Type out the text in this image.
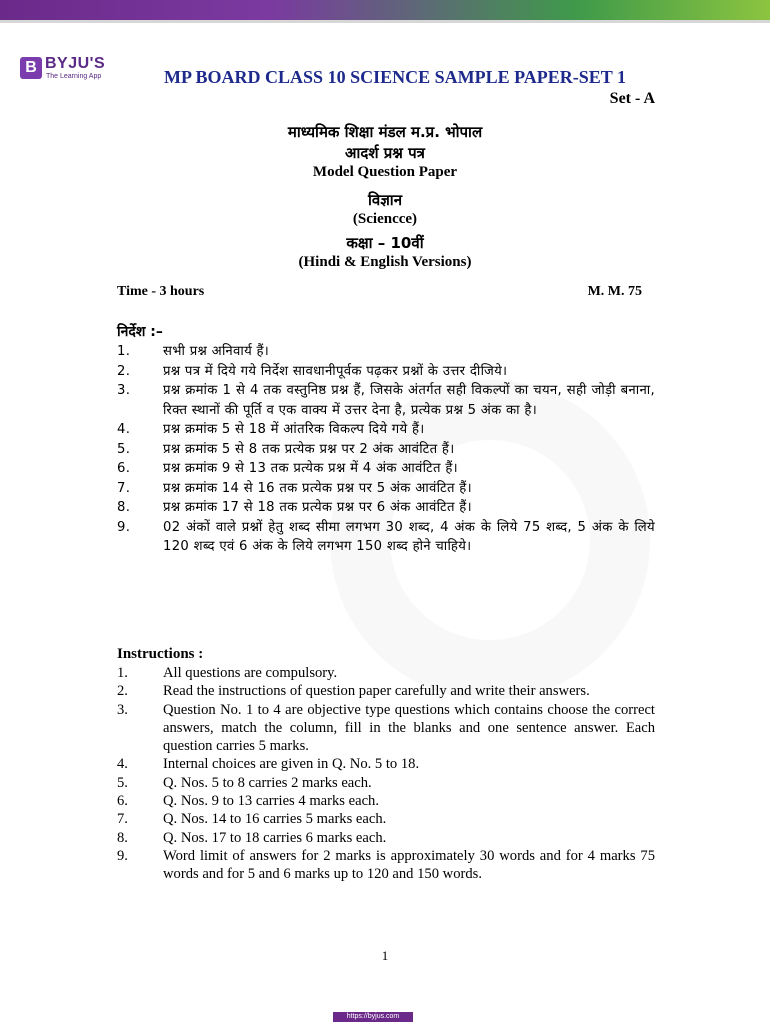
B BYJU'S
The Learning App	MP BOARD CLASS 10 SCIENCE SAMPLE PAPER-SET 1
Set - A
माध्यमिक शिक्षा मंडल म.प्र. भोपाल
आदर्श प्रश्न पत्र
Model Question Paper
विज्ञान
(Sciencce)
कक्षा – 10वीं
(Hindi & English Versions)
Time - 3 hours	M. M. 75
निर्देश :–
1. सभी प्रश्न अनिवार्य हैं।
2. प्रश्न पत्र में दिये गये निर्देश सावधानीपूर्वक पढ़कर प्रश्नों के उत्तर दीजिये।
3. प्रश्न क्रमांक 1 से 4 तक वस्तुनिष्ठ प्रश्न हैं, जिसके अंतर्गत सही विकल्पों का चयन, सही जोड़ी बनाना, रिक्त स्थानों की पूर्ति व एक वाक्य में उत्तर देना है, प्रत्येक प्रश्न 5 अंक का है।
4. प्रश्न क्रमांक 5 से 18 में आंतरिक विकल्प दिये गये हैं।
5. प्रश्न क्रमांक 5 से 8 तक प्रत्येक प्रश्न पर 2 अंक आवंटित हैं।
6. प्रश्न क्रमांक 9 से 13 तक प्रत्येक प्रश्न में 4 अंक आवंटित हैं।
7. प्रश्न क्रमांक 14 से 16 तक प्रत्येक प्रश्न पर 5 अंक आवंटित हैं।
8. प्रश्न क्रमांक 17 से 18 तक प्रत्येक प्रश्न पर 6 अंक आवंटित हैं।
9. 02 अंकों वाले प्रश्नों हेतु शब्द सीमा लगभग 30 शब्द, 4 अंक के लिये 75 शब्द, 5 अंक के लिये 120 शब्द एवं 6 अंक के लिये लगभग 150 शब्द होने चाहिये।
Instructions :
1. All questions are compulsory.
2. Read the instructions of question paper carefully and write their answers.
3. Question No. 1 to 4 are objective type questions which contains choose the correct answers, match the column, fill in the blanks and one sentence answer. Each question carries 5 marks.
4. Internal choices are given in Q. No. 5 to 18.
5. Q. Nos. 5 to 8 carries 2 marks each.
6. Q. Nos. 9 to 13 carries 4 marks each.
7. Q. Nos. 14 to 16 carries 5 marks each.
8. Q. Nos. 17 to 18 carries 6 marks each.
9. Word limit of answers for 2 marks is approximately 30 words and for 4 marks 75 words and for 5 and 6 marks up to 120 and 150 words.
1
https://byjus.com
